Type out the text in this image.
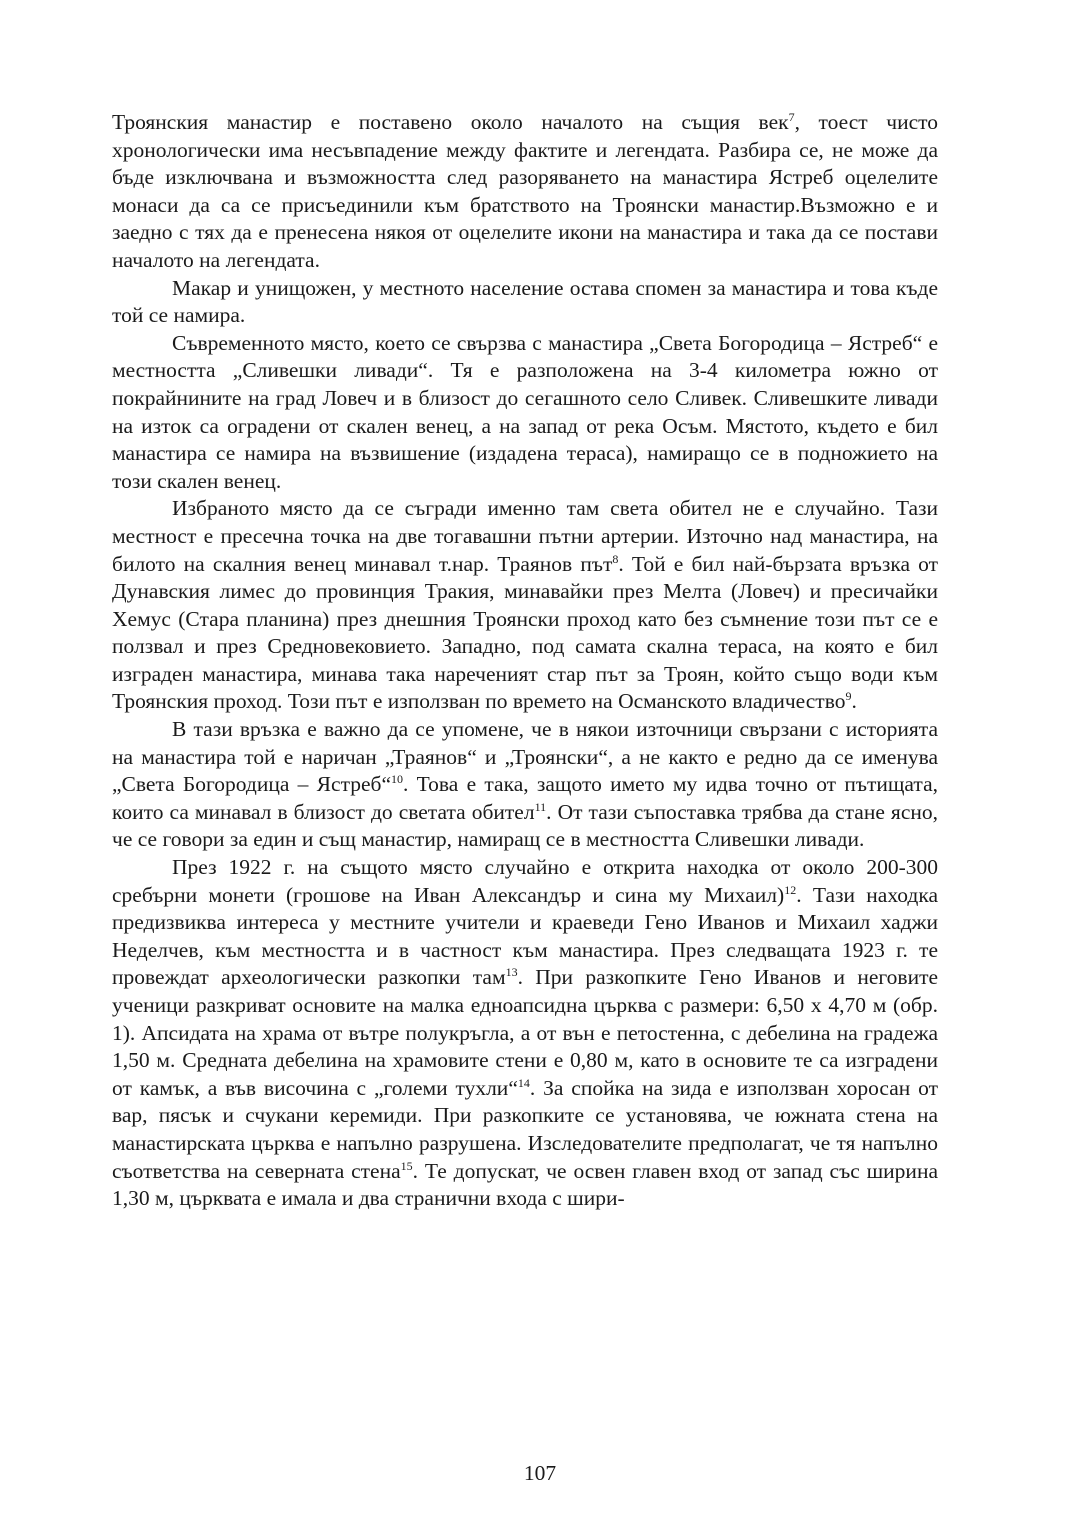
Троянския манастир е поставено около началото на същия век$^7$, тоест чисто хронологически има несъвпадение между фактите и легендата. Разбира се, не може да бъде изключвана и възможността след разоряването на манастира Ястреб оцелелите монаси да са се присъединили към братството на Троянски манастир.Възможно е и заедно с тях да е пренесена някоя от оцелелите икони на манастира и така да се постави началото на легендата.

Макар и унищожен, у местното население остава спомен за манастира и това къде той се намира.

Съвременното място, което се свързва с манастира „Света Богородица – Ястреб“ е местността „Сливешки ливади“. Тя е разположена на 3-4 километра южно от покрайнините на град Ловеч и в близост до сегашното село Сливек. Сливешките ливади на изток са оградени от скален венец, а на запад от река Осъм. Мястото, където е бил манастира се намира на възвишение (издадена тераса), намиращо се в подножието на този скален венец.

Избраното място да се съгради именно там света обител не е случайно. Тази местност е пресечна точка на две тогавашни пътни артерии. Източно над манастира, на билото на скалния венец минавал т.нар. Траянов път$^8$. Той е бил най-бързата връзка от Дунавския лимес до провинция Тракия, минавайки през Мелта (Ловеч) и пресичайки Хемус (Стара планина) през днешния Троянски проход като без съмнение този път се е ползвал и през Средновековието. Западно, под самата скална тераса, на която е бил изграден манастира, минава така нареченият стар път за Троян, който също води към Троянския проход. Този път е използван по времето на Османското владичество$^9$.

В тази връзка е важно да се упомене, че в някои източници свързани с историята на манастира той е наричан „Траянов“ и „Троянски“, а не както е редно да се именува „Света Богородица – Ястреб“$^{10}$. Това е така, защото името му идва точно от пътищата, които са минавал в близост до светата обител$^{11}$. От тази съпоставка трябва да стане ясно, че се говори за един и същ манастир, намиращ се в местността Сливешки ливади.

През 1922 г. на същото място случайно е открита находка от около 200-300 сребърни монети (грошове на Иван Александър и сина му Михаил)$^{12}$. Тази находка предизвиква интереса у местните учители и краеведи Гено Иванов и Михаил хаджи Неделчев, към местността и в частност към манастира. През следващата 1923 г. те провеждат археологически разкопки там$^{13}$. При разкопките Гено Иванов и неговите ученици разкриват основите на малка едноапсидна църква с размери: 6,50 х 4,70 м (обр. 1). Апсидата на храма от вътре полукръгла, а от вън е петостенна, с дебелина на градежа 1,50 м. Средната дебелина на храмовите стени е 0,80 м, като в основите те са изградени от камък, а във височина с „големи тухли“$^{14}$. За спойка на зида е използван хоросан от вар, пясък и счукани керемиди. При разкопките се установява, че южната стена на манастирската църква е напълно разрушена. Изследователите предполагат, че тя напълно съответства на северната стена$^{15}$. Те допускат, че освен главен вход от запад със ширина 1,30 м, църквата е имала и два странични входа с шири-

107
